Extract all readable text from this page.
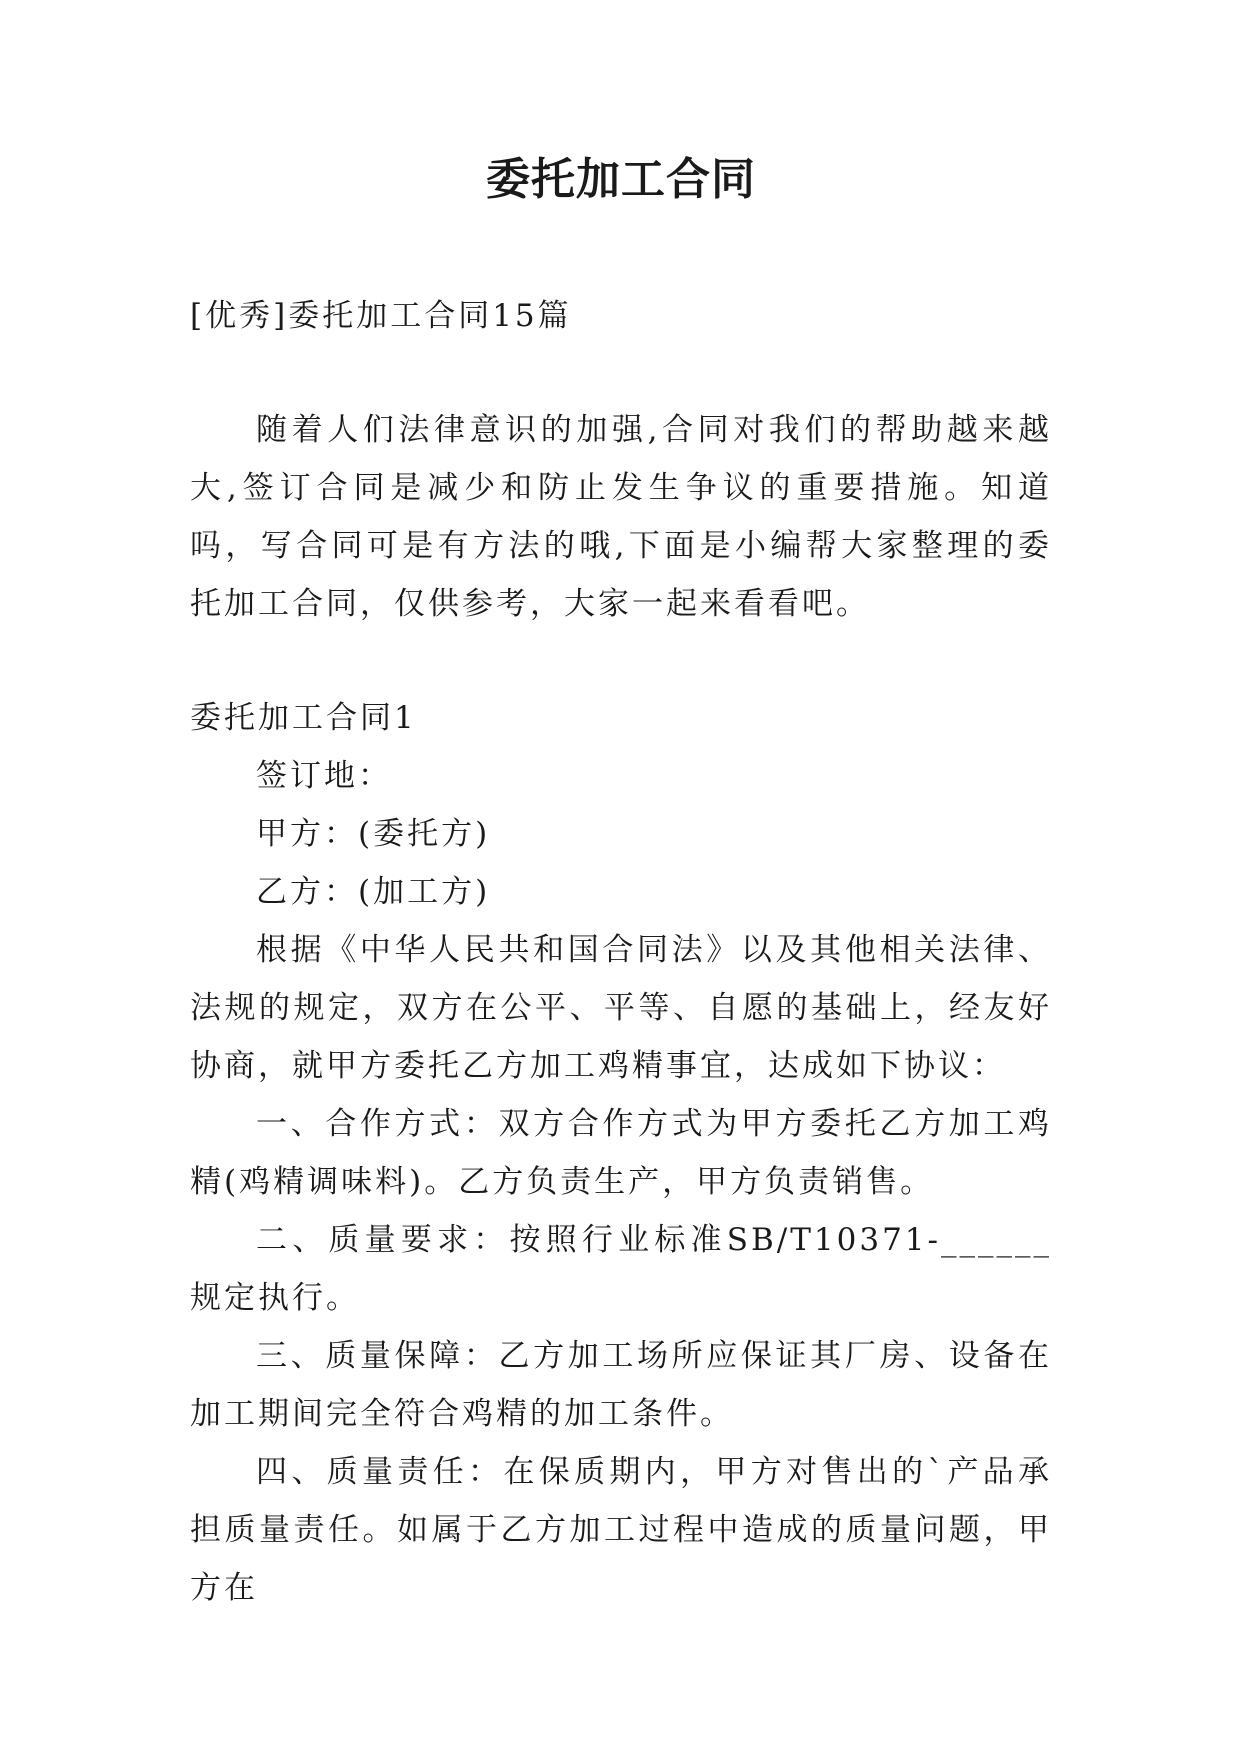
委托加工合同

[优秀]委托加工合同15篇

随着人们法律意识的加强,合同对我们的帮助越来越大,签订合同是减少和防止发生争议的重要措施。知道吗，写合同可是有方法的哦,下面是小编帮大家整理的委托加工合同，仅供参考，大家一起来看看吧。

委托加工合同1

签订地：

甲方：(委托方)

乙方：(加工方)

根据《中华人民共和国合同法》以及其他相关法律、法规的规定，双方在公平、平等、自愿的基础上，经友好协商，就甲方委托乙方加工鸡精事宜，达成如下协议：

一、合作方式：双方合作方式为甲方委托乙方加工鸡精(鸡精调味料)。乙方负责生产，甲方负责销售。

二、质量要求：按照行业标准SB/T10371-______规定执行。

三、质量保障：乙方加工场所应保证其厂房、设备在加工期间完全符合鸡精的加工条件。

四、质量责任：在保质期内，甲方对售出的`产品承担质量责任。如属于乙方加工过程中造成的质量问题，甲方在
